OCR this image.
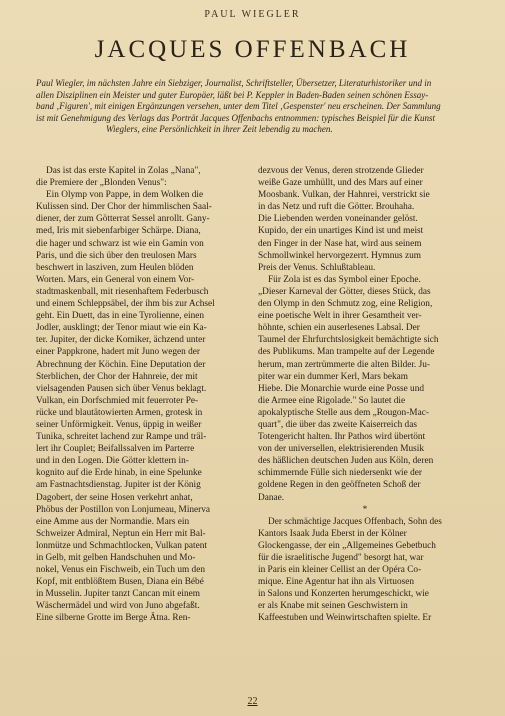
PAUL WIEGLER
JACQUES OFFENBACH
Paul Wiegler, im nächsten Jahre ein Siebziger, Journalist, Schriftsteller, Übersetzer, Literaturhistoriker und in
allen Disziplinen ein Meister und guter Europäer, läßt bei P. Keppler in Baden-Baden seinen schönen Essay-
band ‚Figuren', mit einigen Ergänzungen versehen, unter dem Titel ‚Gespenster' neu erscheinen. Der Sammlung
ist mit Genehmigung des Verlags das Porträt Jacques Offenbachs entnommen: typisches Beispiel für die Kunst
Wieglers, eine Persönlichkeit in ihrer Zeit lebendig zu machen.
Das ist das erste Kapitel in Zolas „Nana",
die Premiere der „Blonden Venus":
Ein Olymp von Pappe, in dem Wolken die
Kulissen sind. Der Chor der himmlischen Saal-
diener, der zum Götterrat Sessel anrollt. Gany-
med, Iris mit siebenfarbiger Schärpe. Diana,
die hager und schwarz ist wie ein Gamin von
Paris, und die sich über den treulosen Mars
beschwert in lasziven, zum Heulen blöden
Worten. Mars, ein General von einem Vor-
stadtmaskenball, mit riesenhaftem Federbusch
und einem Schleppsäbel, der ihm bis zur Achsel
geht. Ein Duett, das in eine Tyrolienne, einen
Jodler, ausklingt; der Tenor miaut wie ein Ka-
ter. Jupiter, der dicke Komiker, ächzend unter
einer Pappkrone, hadert mit Juno wegen der
Abrechnung der Köchin. Eine Deputation der
Sterblichen, der Chor der Hahnreie, der mit
vielsagenden Pausen sich über Venus beklagt.
Vulkan, ein Dorfschmied mit feuerroter Pe-
rücke und blautätowierten Armen, grotesk in
seiner Unförmigkeit. Venus, üppig in weißer
Tunika, schreitet lachend zur Rampe und träl-
lert ihr Couplet; Beifallssalven im Parterre
und in den Logen. Die Götter klettern in-
kognito auf die Erde hinab, in eine Spelunke
am Fastnachtsdienstag. Jupiter ist der König
Dagobert, der seine Hosen verkehrt anhat,
Phöbus der Postillon von Lonjumeau, Minerva
eine Amme aus der Normandie. Mars ein
Schweizer Admiral, Neptun ein Herr mit Bal-
lonmütze und Schmachtlocken, Vulkan patent
in Gelb, mit gelben Handschuhen und Mo-
nokel, Venus ein Fischweib, ein Tuch um den
Kopf, mit entblößtem Busen, Diana ein Bébé
in Musselin. Jupiter tanzt Cancan mit einem
Wäschermädel und wird von Juno abgefaßt.
Eine silberne Grotte im Berge Ätna. Ren-
dezvous der Venus, deren strotzende Glieder
weiße Gaze umhüllt, und des Mars auf einer
Moosbank. Vulkan, der Hahnrei, verstrickt sie
in das Netz und ruft die Götter. Brouhaha.
Die Liebenden werden voneinander gelöst.
Kupido, der ein unartiges Kind ist und meist
den Finger in der Nase hat, wird aus seinem
Schmollwinkel hervorgezerrt. Hymnus zum
Preis der Venus. Schlußtableau.
Für Zola ist es das Symbol einer Epoche.
„Dieser Karneval der Götter, dieses Stück, das
den Olymp in den Schmutz zog, eine Religion,
eine poetische Welt in ihrer Gesamtheit ver-
höhnte, schien ein auserlesenes Labsal. Der
Taumel der Ehrfurchtslosigkeit bemächtigte sich
des Publikums. Man trampelte auf der Legende
herum, man zertrümmerte die alten Bilder. Ju-
piter war ein dummer Kerl, Mars bekam
Hiebe. Die Monarchie wurde eine Posse und
die Armee eine Rigolade." So lautet die
apokalyptische Stelle aus dem „Rougon-Mac-
quart", die über das zweite Kaiserreich das
Totengericht halten. Ihr Pathos wird übertönt
von der universellen, elektrisierenden Musik
des häßlichen deutschen Juden aus Köln, deren
schimmernde Fülle sich niedersenkt wie der
goldene Regen in den geöffneten Schoß der
Danae.
*
Der schmächtige Jacques Offenbach, Sohn des
Kantors Isaak Juda Eberst in der Kölner
Glockengasse, der ein „Allgemeines Gebetbuch
für die israelitische Jugend" besorgt hat, war
in Paris ein kleiner Cellist an der Opéra Co-
mique. Eine Agentur hat ihn als Virtuosen
in Salons und Konzerten herumgeschickt, wie
er als Knabe mit seinen Geschwistern in
Kaffeestuben und Weinwirtschaften spielte. Er
22
